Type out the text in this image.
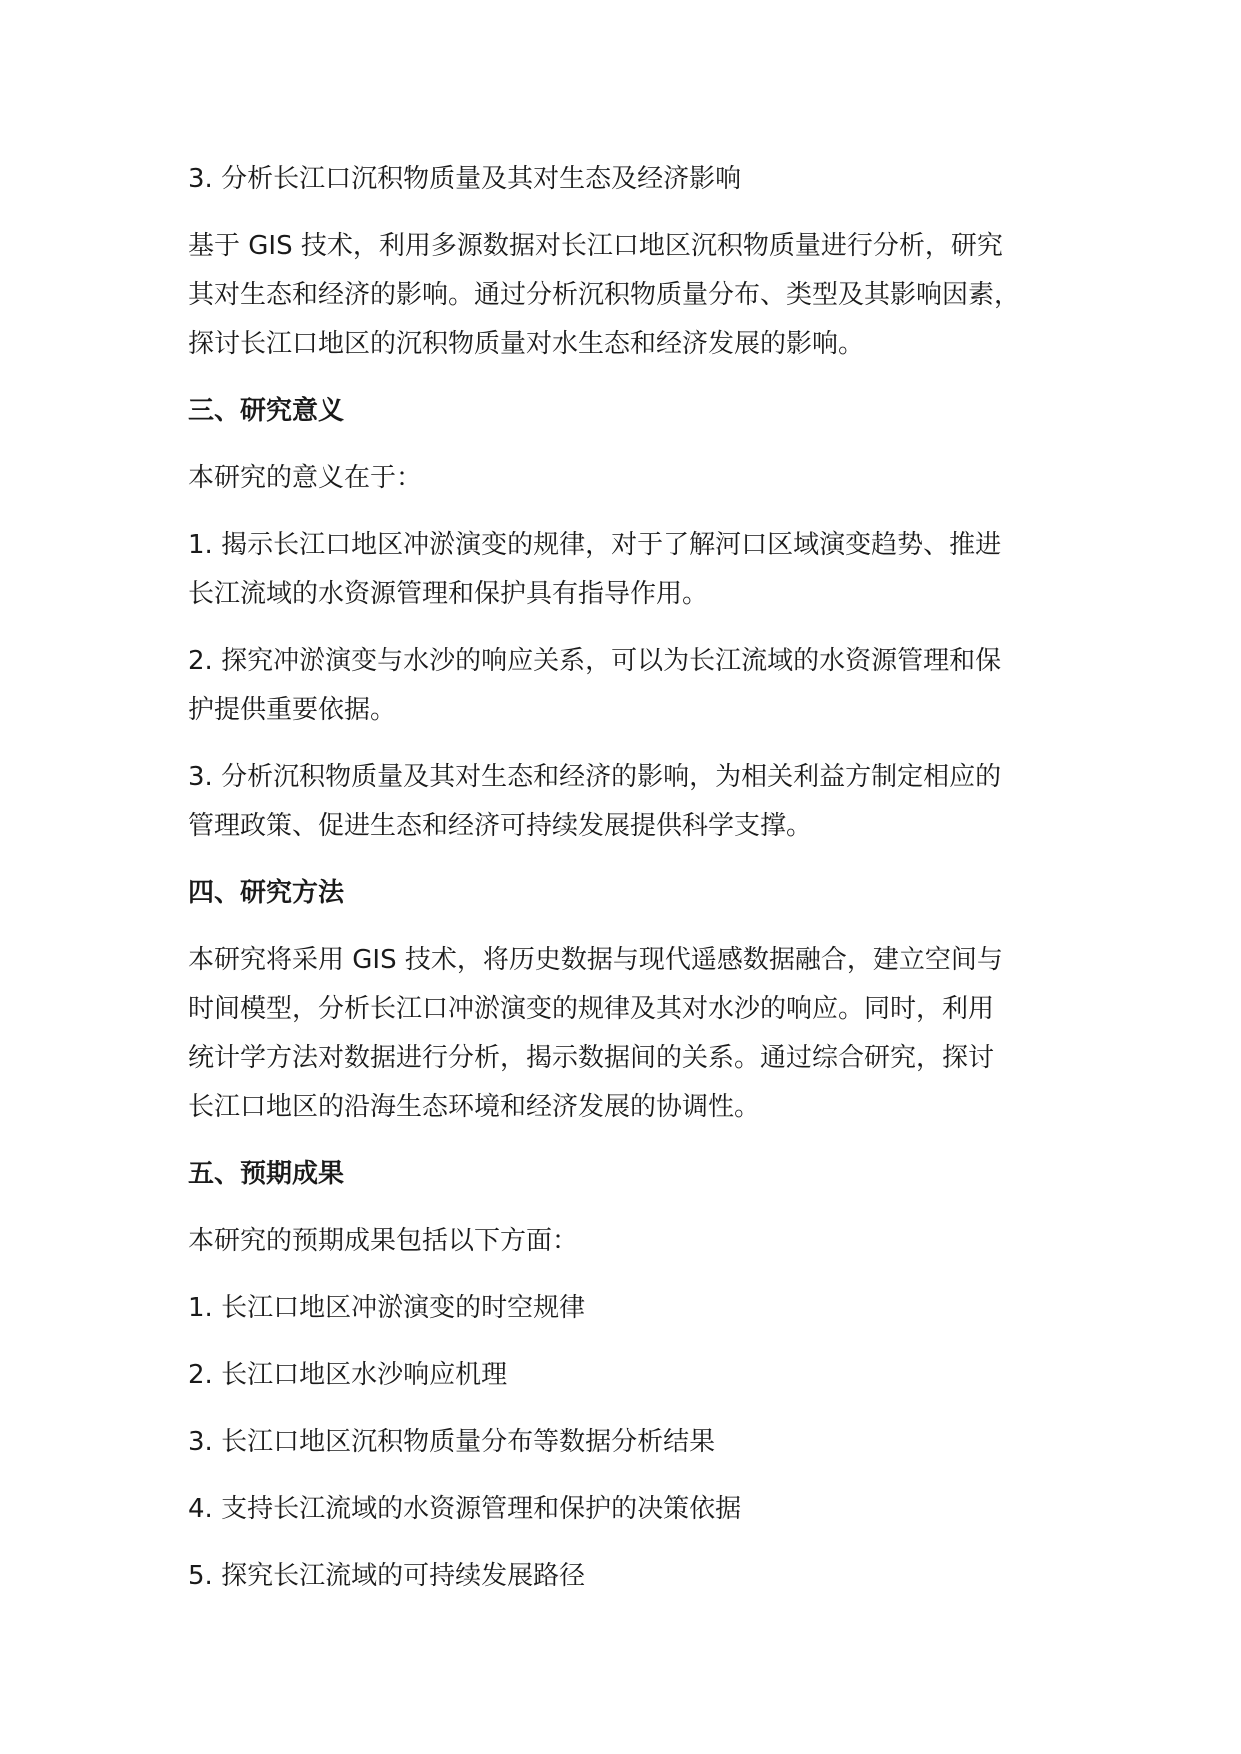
3. 分析长江口沉积物质量及其对生态及经济影响

基于 GIS 技术，利用多源数据对长江口地区沉积物质量进行分析，研究
其对生态和经济的影响。通过分析沉积物质量分布、类型及其影响因素，
探讨长江口地区的沉积物质量对水生态和经济发展的影响。

三、研究意义

本研究的意义在于：

1. 揭示长江口地区冲淤演变的规律，对于了解河口区域演变趋势、推进
长江流域的水资源管理和保护具有指导作用。

2. 探究冲淤演变与水沙的响应关系，可以为长江流域的水资源管理和保
护提供重要依据。

3. 分析沉积物质量及其对生态和经济的影响，为相关利益方制定相应的
管理政策、促进生态和经济可持续发展提供科学支撑。

四、研究方法

本研究将采用 GIS 技术，将历史数据与现代遥感数据融合，建立空间与
时间模型，分析长江口冲淤演变的规律及其对水沙的响应。同时，利用
统计学方法对数据进行分析，揭示数据间的关系。通过综合研究，探讨
长江口地区的沿海生态环境和经济发展的协调性。

五、预期成果

本研究的预期成果包括以下方面：

1. 长江口地区冲淤演变的时空规律

2. 长江口地区水沙响应机理

3. 长江口地区沉积物质量分布等数据分析结果

4. 支持长江流域的水资源管理和保护的决策依据

5. 探究长江流域的可持续发展路径
